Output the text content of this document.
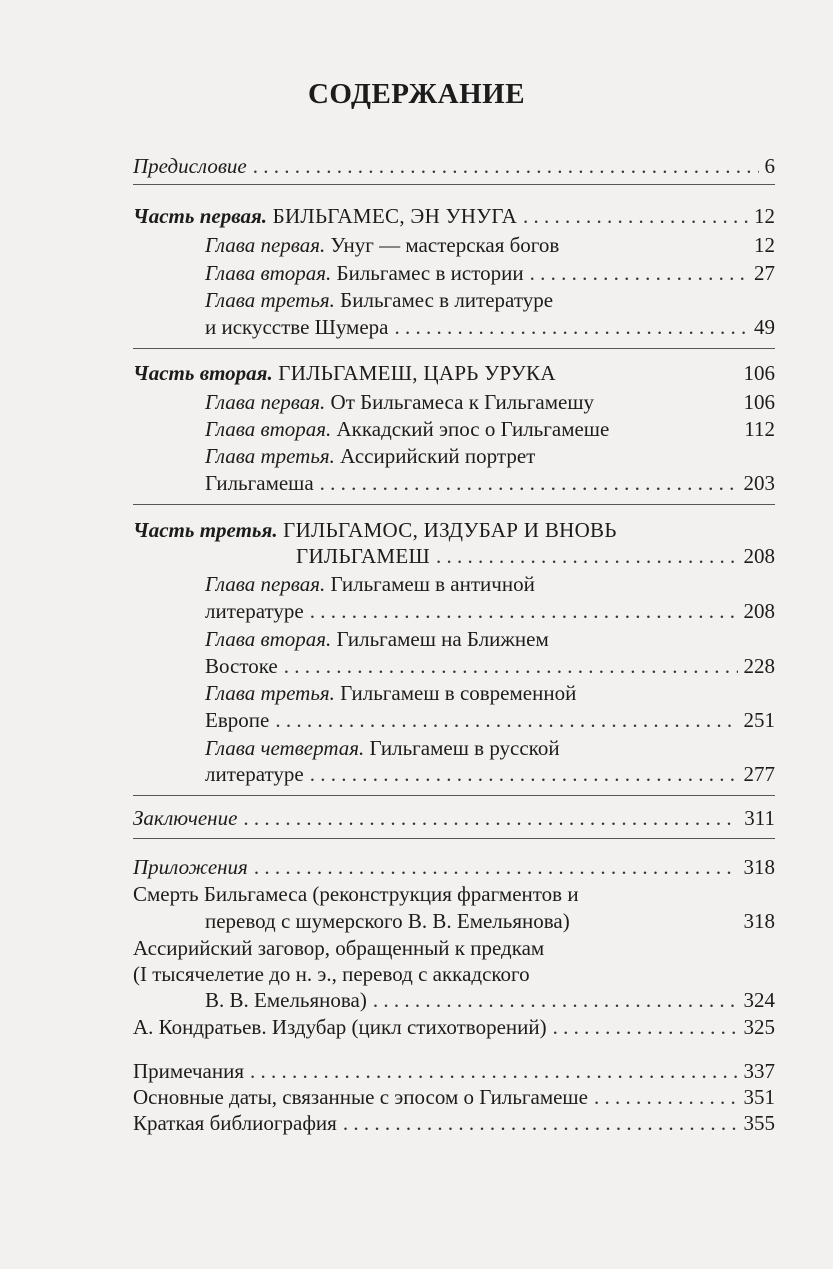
СОДЕРЖАНИЕ
Предисловие . . .	6
Часть первая. БИЛЬГАМЕС, ЭН УНУГА . . .	12
Глава первая. Унуг — мастерская богов	12
Глава вторая. Бильгамес в истории . . .	27
Глава третья. Бильгамес в литературе
и искусстве Шумера . . .	49
Часть вторая. ГИЛЬГАМЕШ, ЦАРЬ УРУКА	106
Глава первая. От Бильгамеса к Гильгамешу	106
Глава вторая. Аккадский эпос о Гильгамеше	112
Глава третья. Ассирийский портрет
Гильгамеша . . .	203
Часть третья. ГИЛЬГАМОС, ИЗДУБАР И ВНОВЬ
ГИЛЬГАМЕШ . . .	208
Глава первая. Гильгамеш в античной
литературе . . .	208
Глава вторая. Гильгамеш на Ближнем
Востоке . . .	228
Глава третья. Гильгамеш в современной
Европе . . .	251
Глава четвертая. Гильгамеш в русской
литературе . . .	277
Заключение . . .	311
Приложения . . .	318
Смерть Бильгамеса (реконструкция фрагментов и
перевод с шумерского В. В. Емельянова)	318
Ассирийский заговор, обращенный к предкам
(I тысячелетие до н. э., перевод с аккадского
В. В. Емельянова) . . .	324
А. Кондратьев. Издубар (цикл стихотворений) . . .	325
Примечания . . .	337
Основные даты, связанные с эпосом о Гильгамеше . . .	351
Краткая библиография . . .	355
